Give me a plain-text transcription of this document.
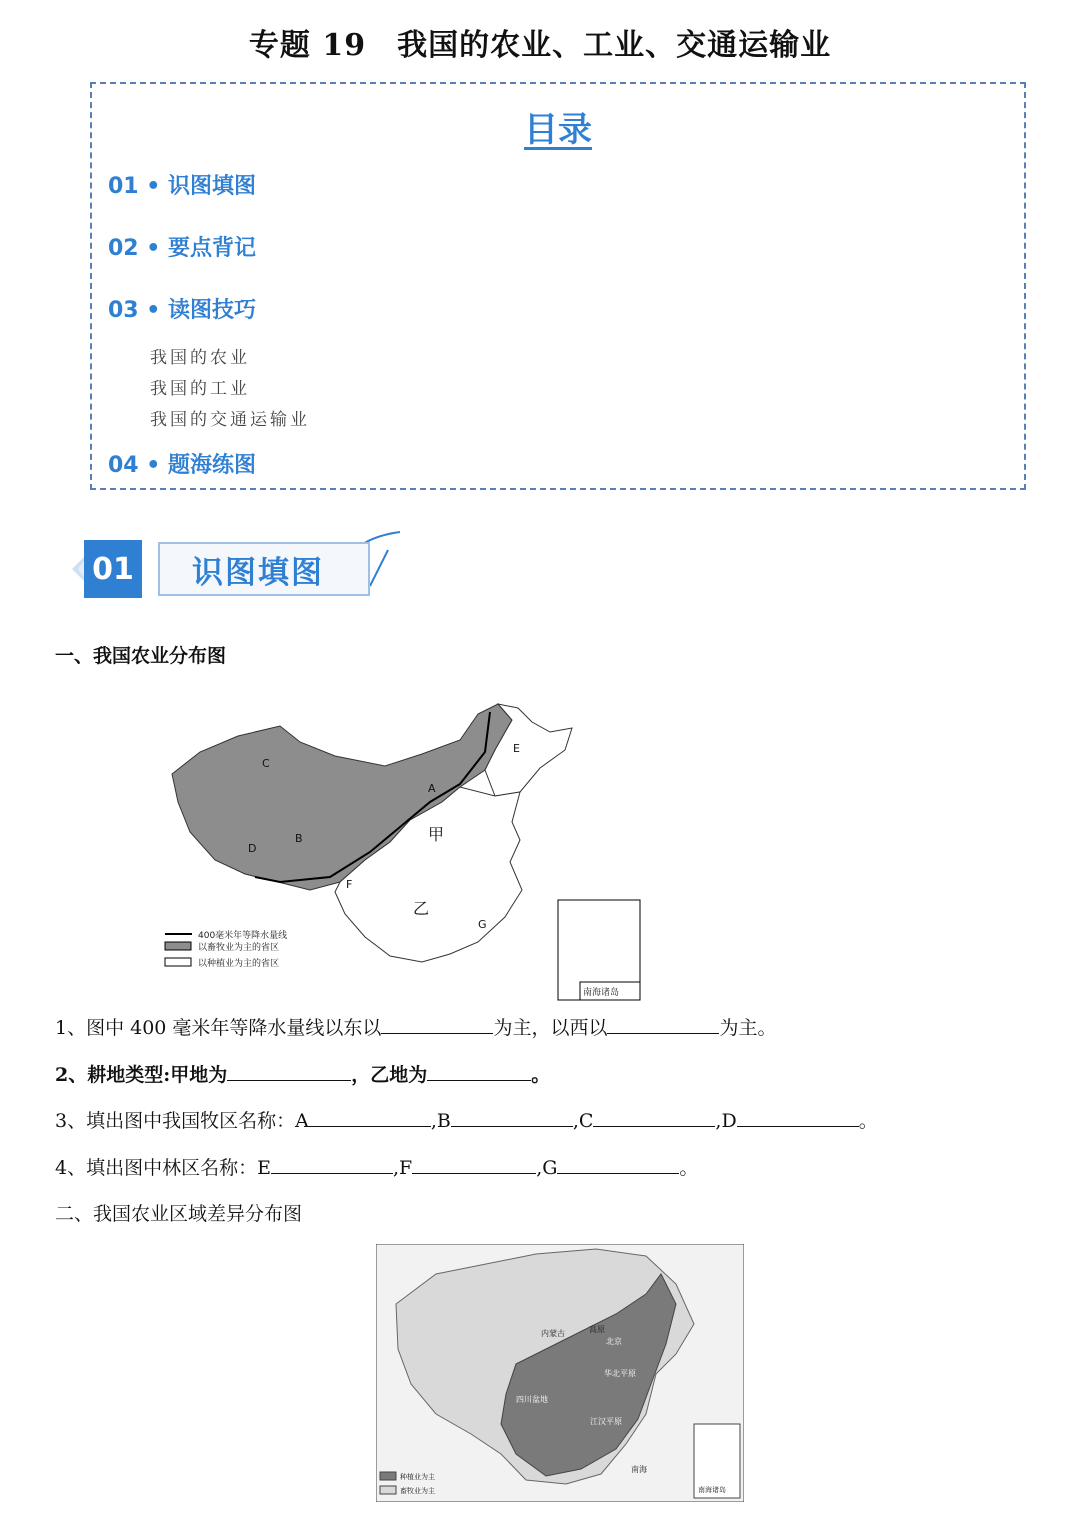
专题 19　我国的农业、工业、交通运输业
目录
01 • 识图填图
02 • 要点背记
03 • 读图技巧
我国的农业
我国的工业
我国的交通运输业
04 • 题海练图
01	识图填图
一、我国农业分布图
C
B
D
A
E
F
G
甲
乙
400毫米年等降水量线
以畜牧业为主的省区
以种植业为主的省区
南海诸岛
1、图中 400 毫米年等降水量线以东以	为主，以西以	为主。
2、耕地类型:甲地为	，乙地为	。
3、填出图中我国牧区名称：A	,B	,C	,D	。
4、填出图中林区名称：E	,F	,G	。
二、我国农业区域差异分布图
内蒙古	高原
北京
华北平原
四川盆地
江汉平原
南海
种植业为主
畜牧业为主	南海诸岛
